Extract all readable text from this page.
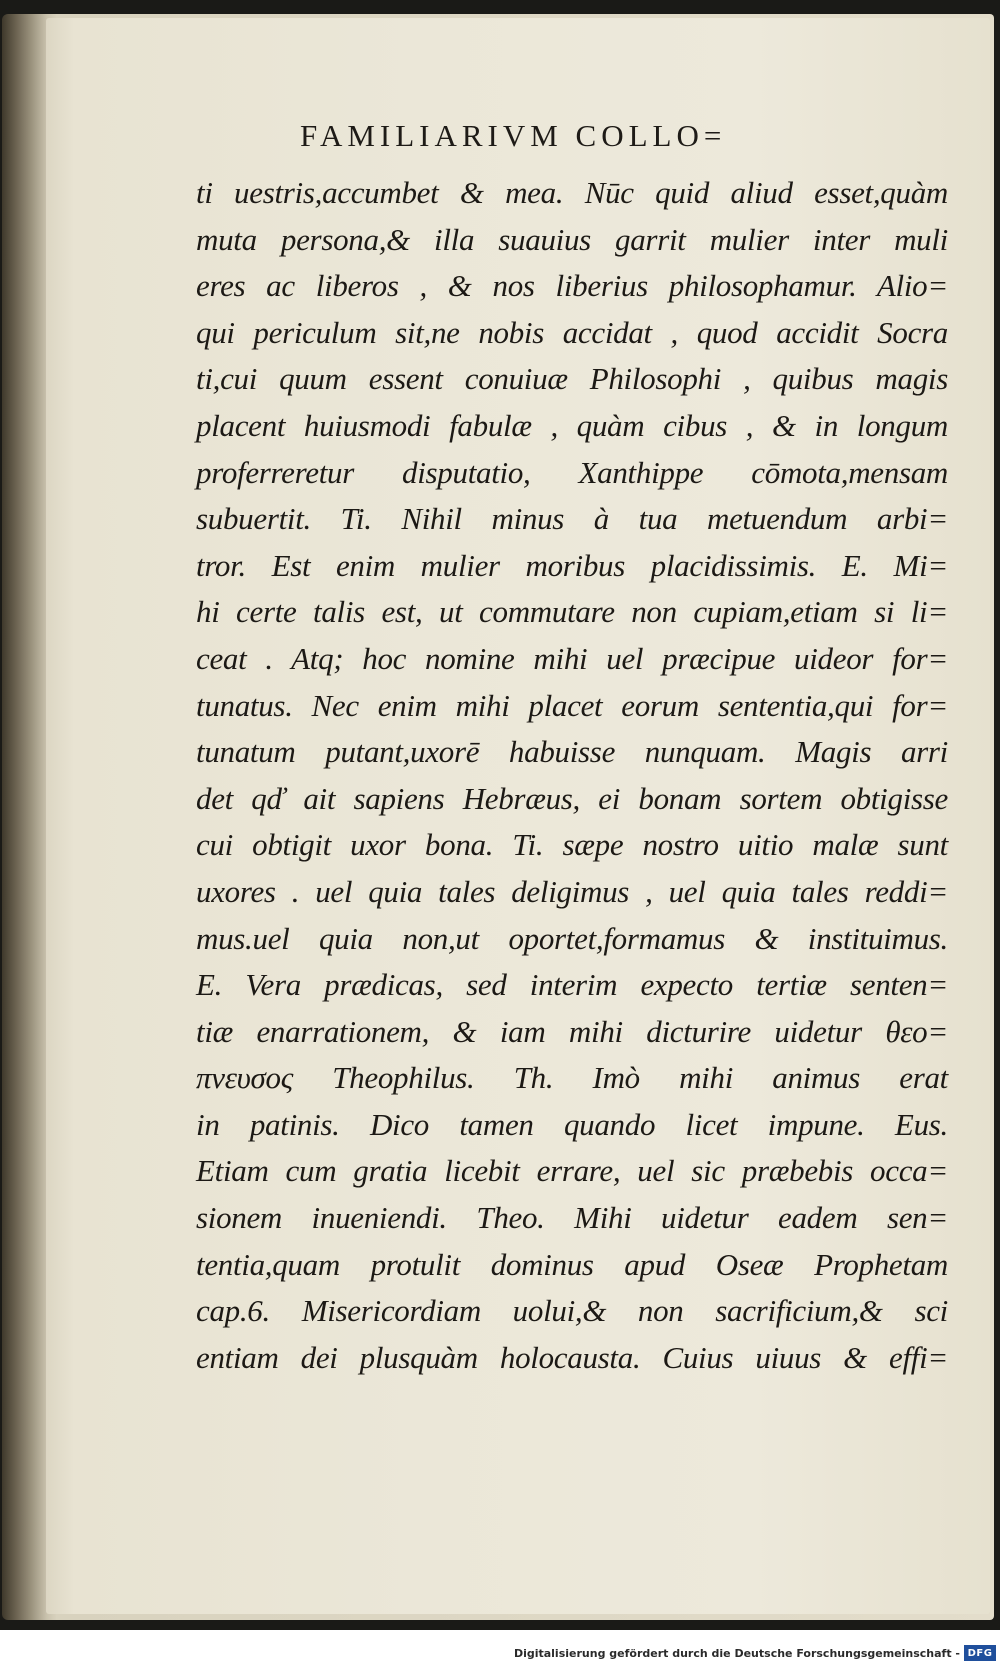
FAMILIARIVM COLLO=
ti uestris,accumbet & mea. Nūc quid aliud esset,quàm
muta persona,& illa suauius garrit mulier inter muli
eres ac liberos , & nos liberius philosophamur. Alio=
qui periculum sit,ne nobis accidat , quod accidit Socra
ti,cui quum essent conuiuæ Philosophi , quibus magis
placent huiusmodi fabulæ , quàm cibus , & in longum
proferreretur disputatio, Xanthippe cōmota,mensam
subuertit. Ti. Nihil minus à tua metuendum arbi=
tror. Est enim mulier moribus placidissimis. E. Mi=
hi certe talis est, ut commutare non cupiam,etiam si li=
ceat . Atq; hoc nomine mihi uel præcipue uideor for=
tunatus. Nec enim mihi placet eorum sententia,qui for=
tunatum putant,uxorē habuisse nunquam. Magis arri
det qď ait sapiens Hebræus, ei bonam sortem obtigisse
cui obtigit uxor bona. Ti. sæpe nostro uitio malæ sunt
uxores . uel quia tales deligimus , uel quia tales reddi=
mus.uel quia non,ut oportet,formamus & instituimus.
E. Vera prædicas, sed interim expecto tertiæ senten=
tiæ enarrationem, & iam mihi dicturire uidetur θεο=
πνευσος Theophilus. Th. Imò mihi animus erat
in patinis. Dico tamen quando licet impune. Eus.
Etiam cum gratia licebit errare, uel sic præbebis occa=
sionem inueniendi. Theo. Mihi uidetur eadem sen=
tentia,quam protulit dominus apud Oseæ Prophetam
cap.6. Misericordiam uolui,& non sacrificium,& sci
entiam dei plusquàm holocausta. Cuius uiuus & effi=
Digitalisierung gefördert durch die Deutsche Forschungsgemeinschaft - DFG
